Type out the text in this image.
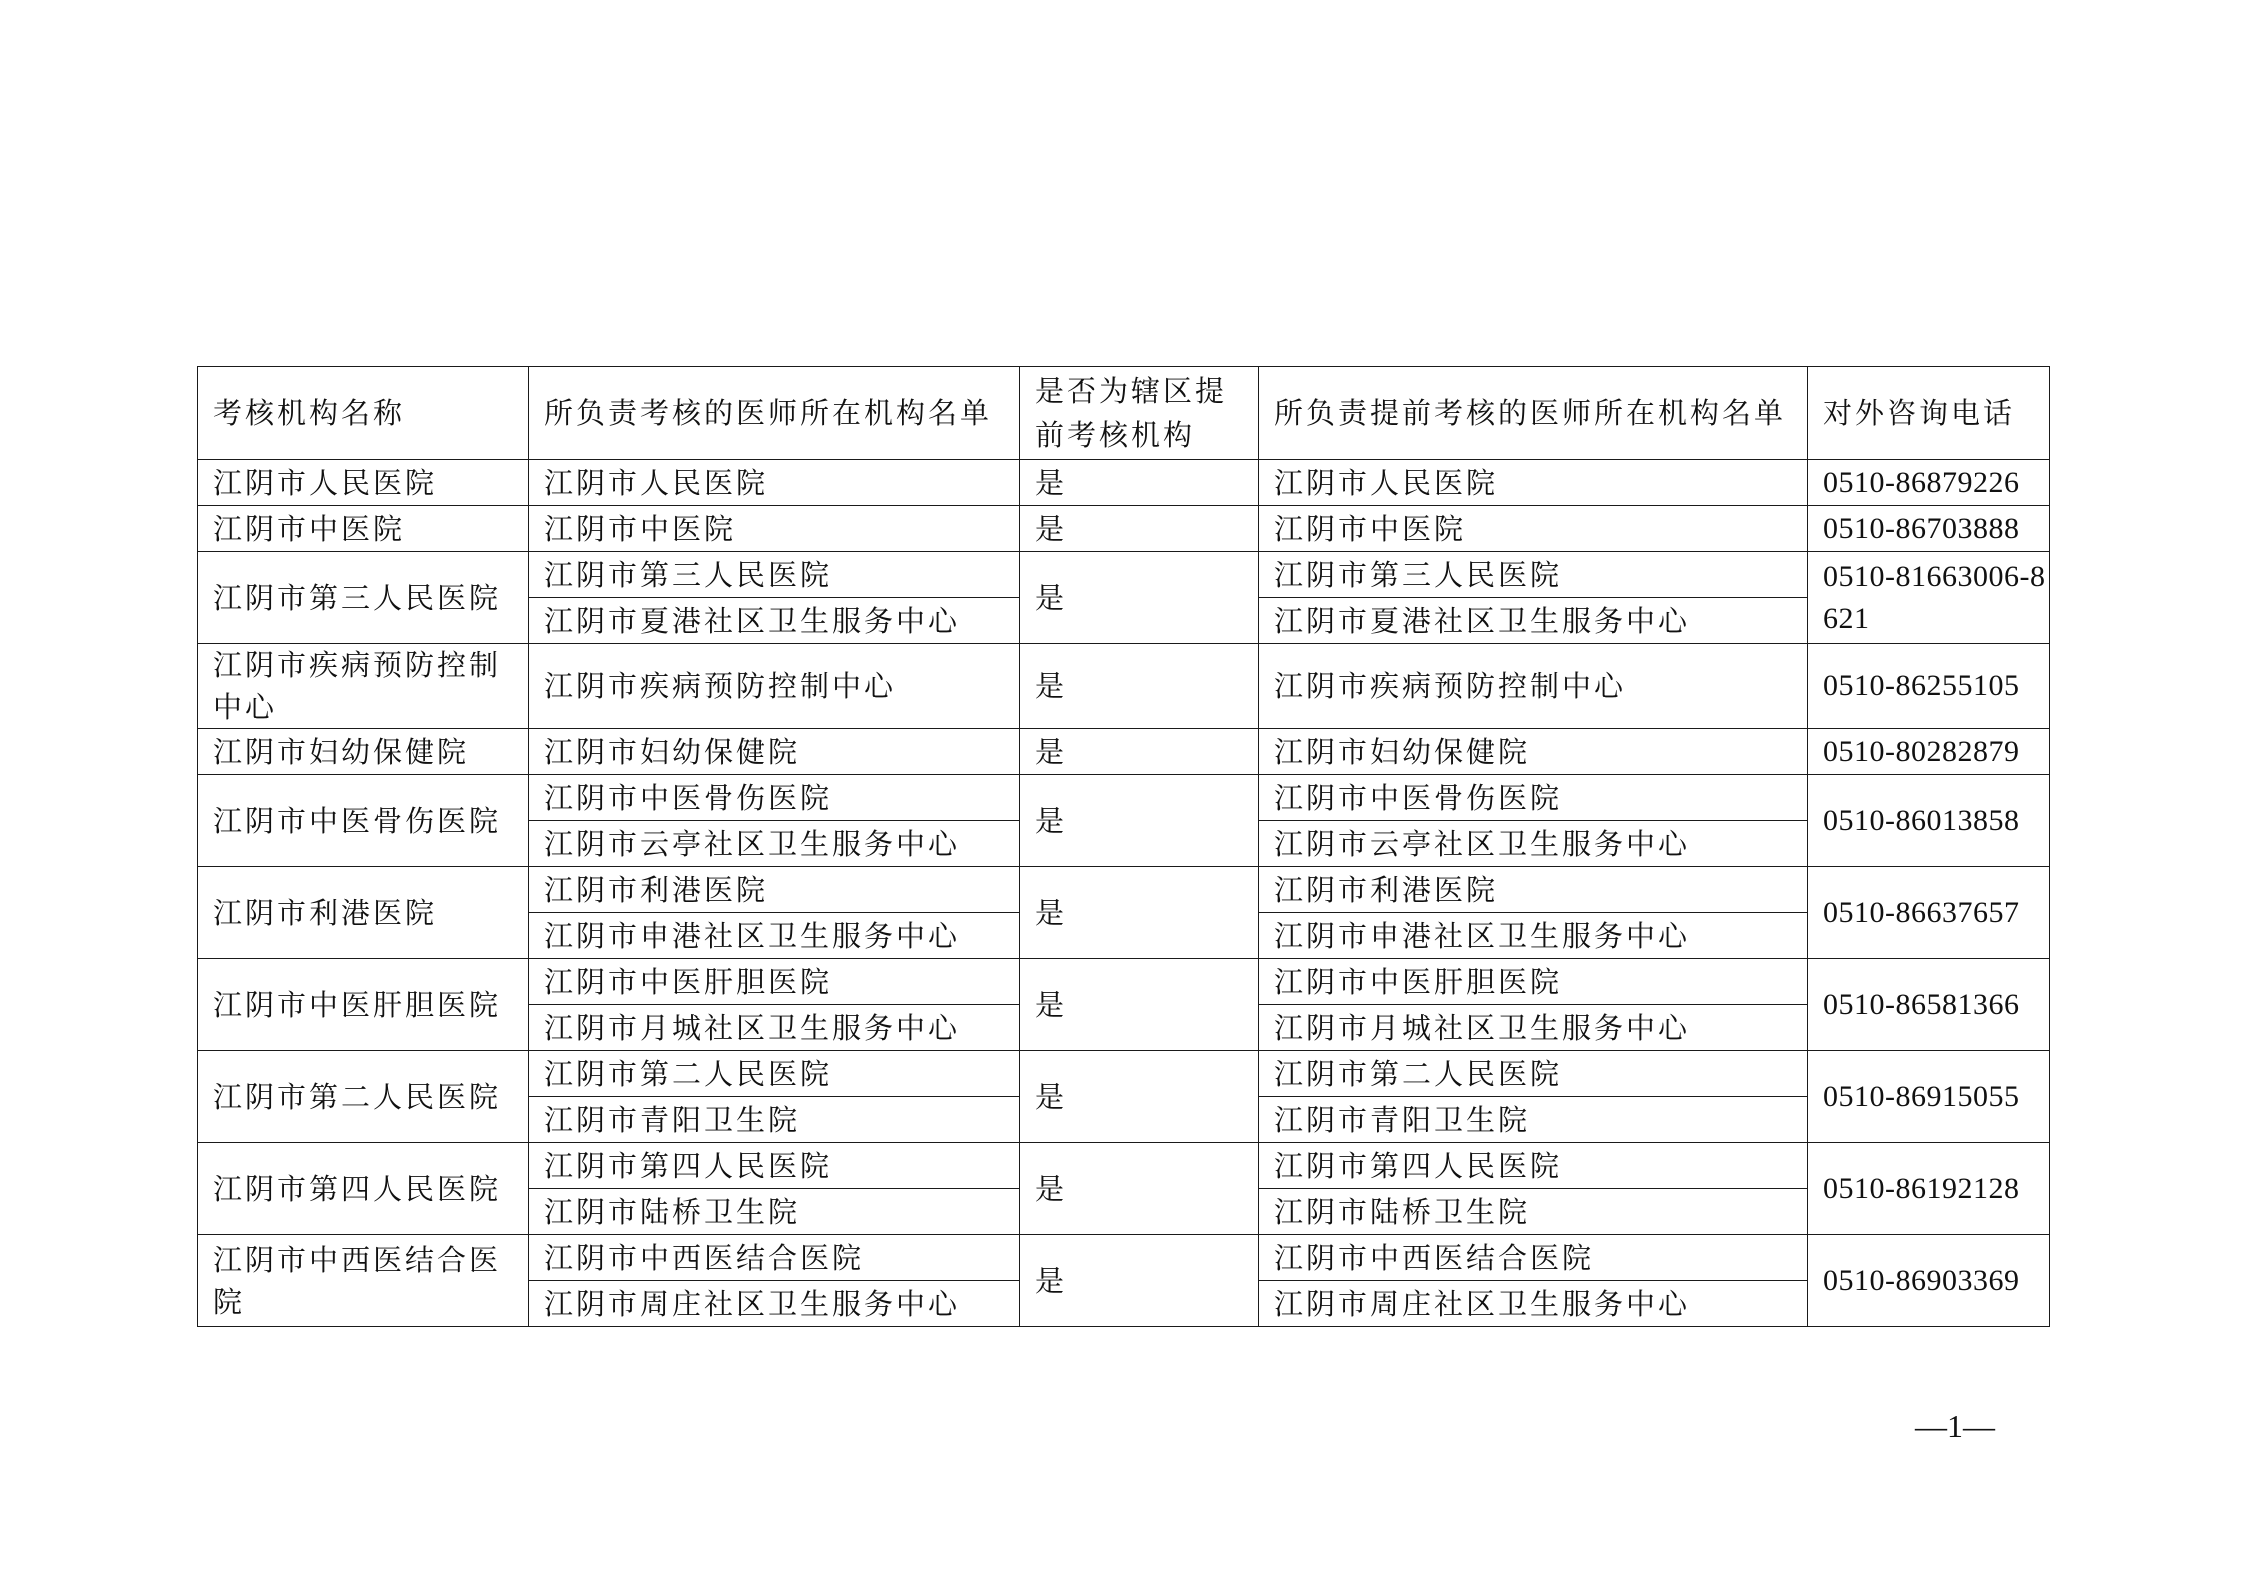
考核机构名称	所负责考核的医师所在机构名单	是否为辖区提前考核机构	所负责提前考核的医师所在机构名单	对外咨询电话
江阴市人民医院	江阴市人民医院	是	江阴市人民医院	0510-86879226
江阴市中医院	江阴市中医院	是	江阴市中医院	0510-86703888
江阴市第三人民医院	江阴市第三人民医院	是	江阴市第三人民医院	0510-81663006-8621
	江阴市夏港社区卫生服务中心		江阴市夏港社区卫生服务中心	
江阴市疾病预防控制中心	江阴市疾病预防控制中心	是	江阴市疾病预防控制中心	0510-86255105
江阴市妇幼保健院	江阴市妇幼保健院	是	江阴市妇幼保健院	0510-80282879
江阴市中医骨伤医院	江阴市中医骨伤医院	是	江阴市中医骨伤医院	0510-86013858
	江阴市云亭社区卫生服务中心		江阴市云亭社区卫生服务中心	
江阴市利港医院	江阴市利港医院	是	江阴市利港医院	0510-86637657
	江阴市申港社区卫生服务中心		江阴市申港社区卫生服务中心	
江阴市中医肝胆医院	江阴市中医肝胆医院	是	江阴市中医肝胆医院	0510-86581366
	江阴市月城社区卫生服务中心		江阴市月城社区卫生服务中心	
江阴市第二人民医院	江阴市第二人民医院	是	江阴市第二人民医院	0510-86915055
	江阴市青阳卫生院		江阴市青阳卫生院	
江阴市第四人民医院	江阴市第四人民医院	是	江阴市第四人民医院	0510-86192128
	江阴市陆桥卫生院		江阴市陆桥卫生院	
江阴市中西医结合医院	江阴市中西医结合医院	是	江阴市中西医结合医院	0510-86903369
	江阴市周庄社区卫生服务中心		江阴市周庄社区卫生服务中心	
—1—
